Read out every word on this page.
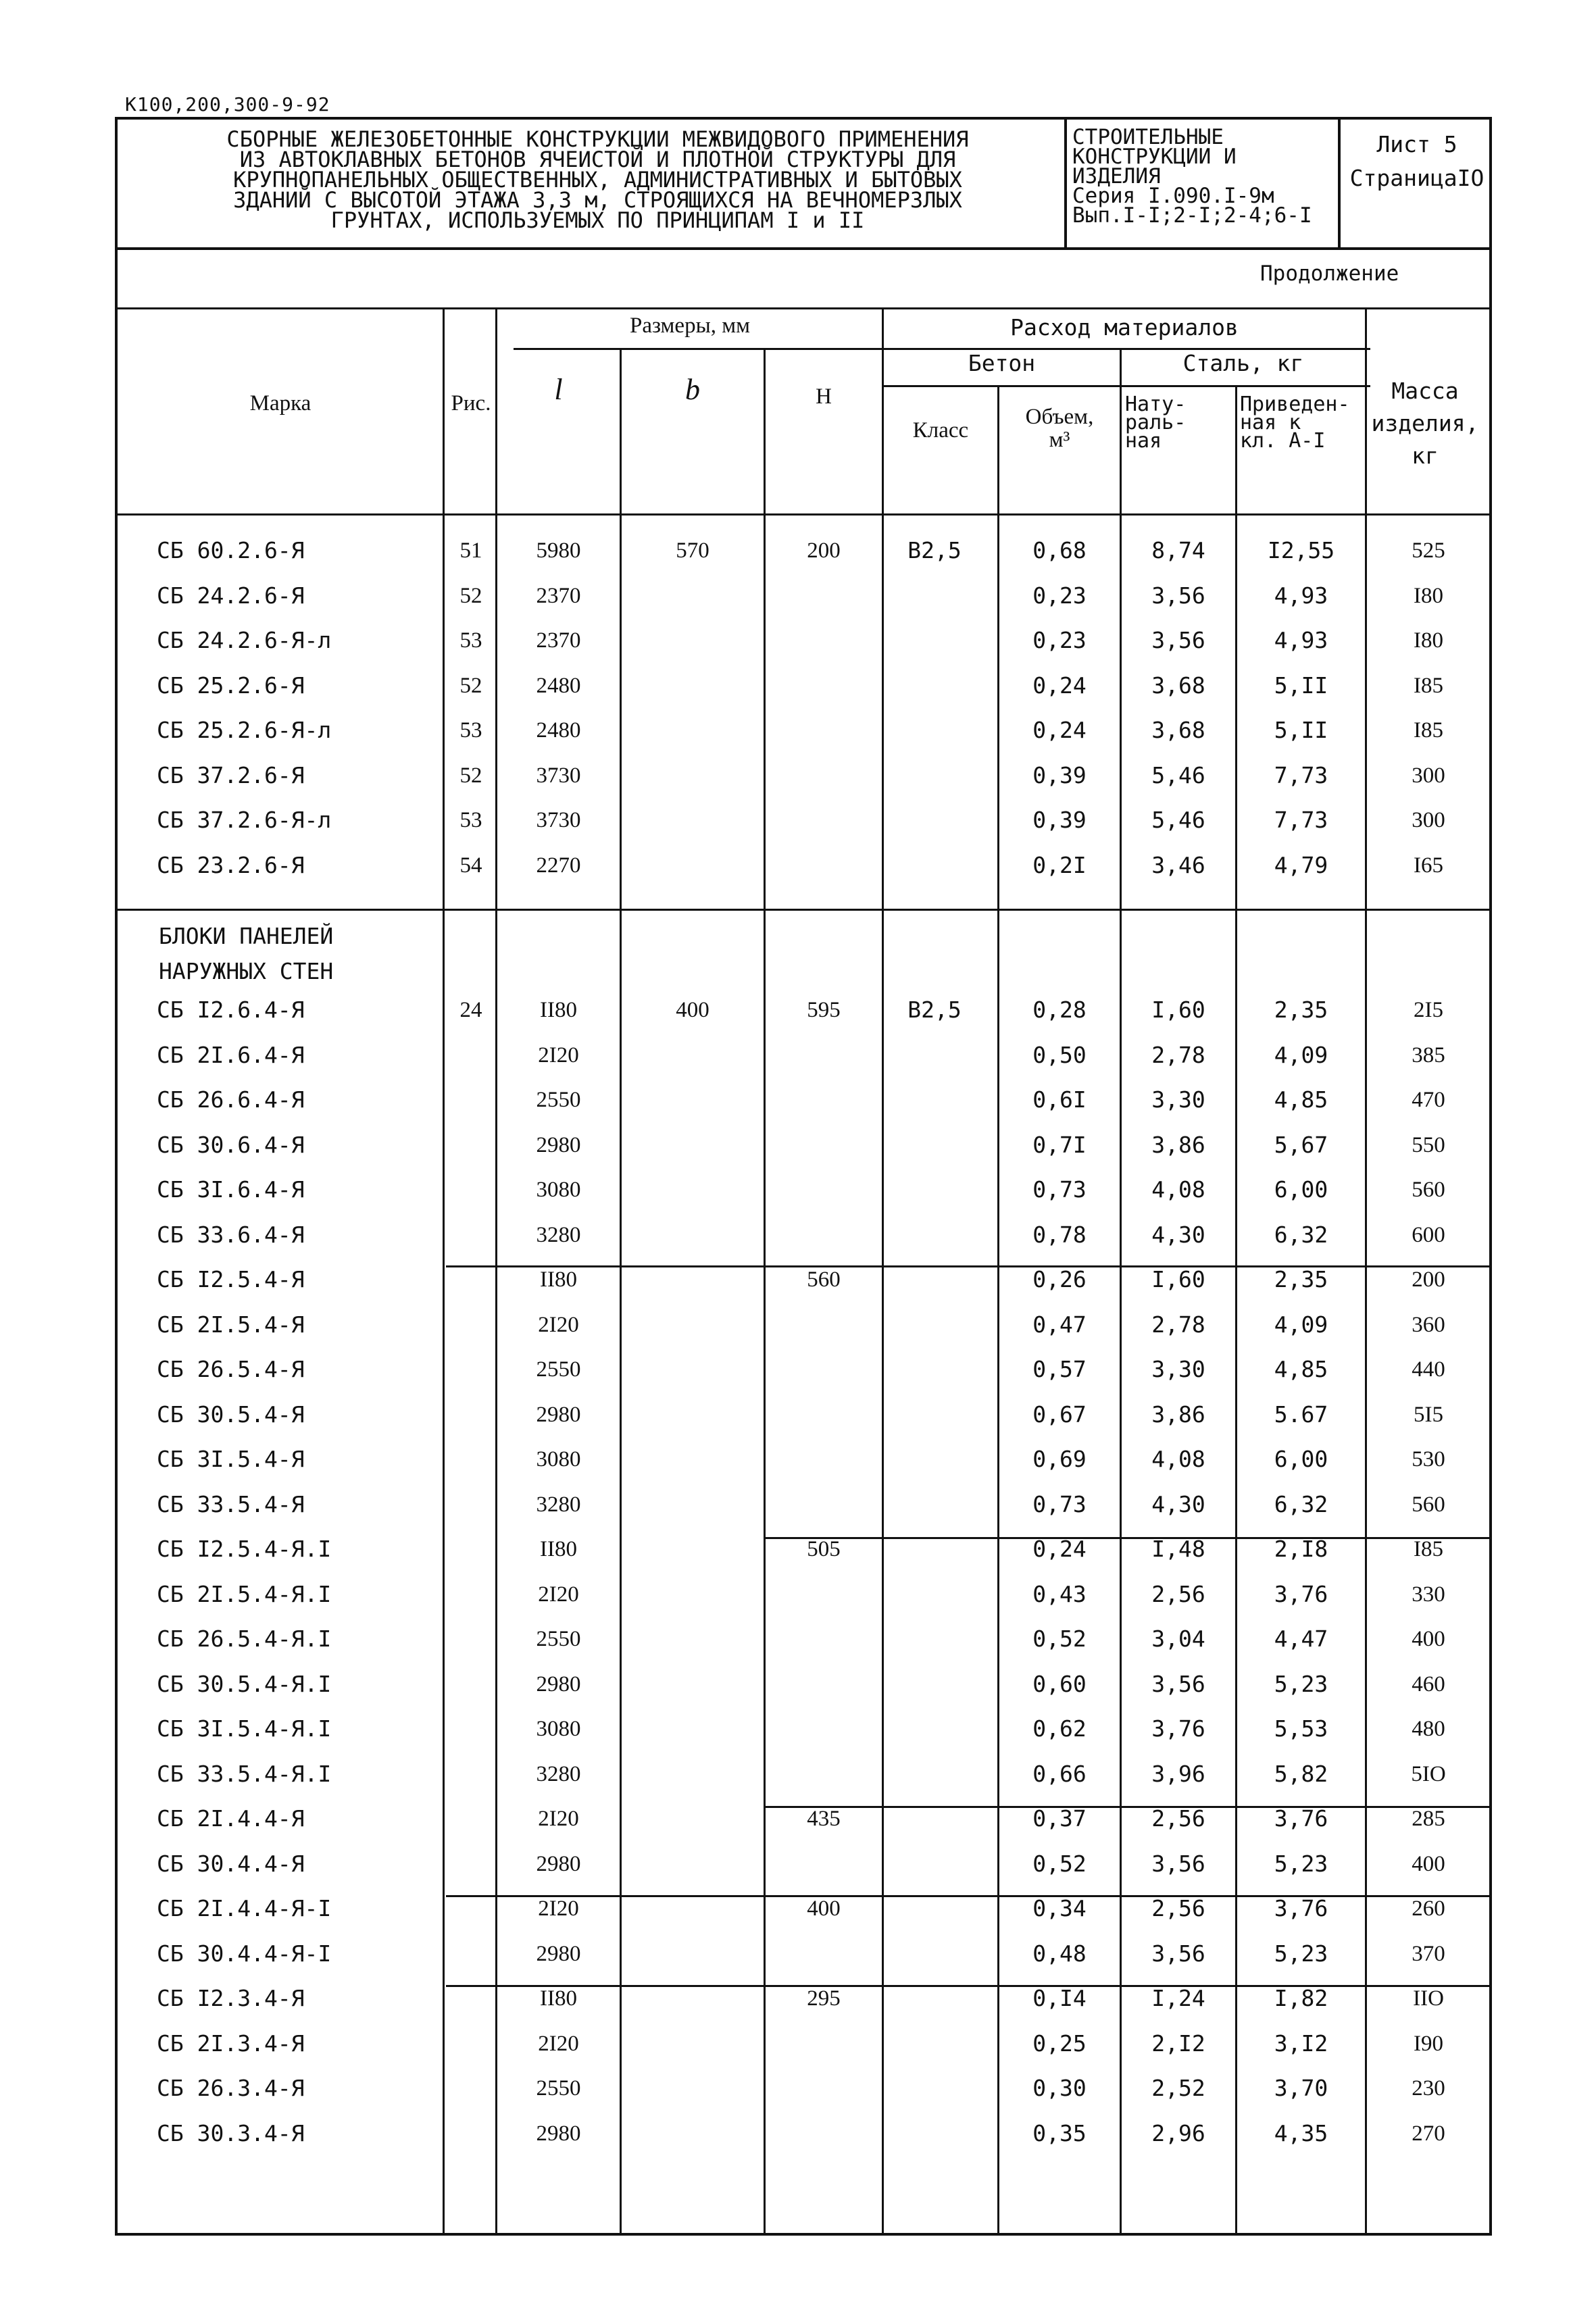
К100,200,300-9-92
СБОРНЫЕ ЖЕЛЕЗОБЕТОННЫЕ КОНСТРУКЦИИ МЕЖВИДОВОГО ПРИМЕНЕНИЯ
ИЗ АВТОКЛАВНЫХ БЕТОНОВ ЯЧЕИСТОЙ И ПЛОТНОЙ СТРУКТУРЫ ДЛЯ
КРУПНОПАНЕЛЬНЫХ ОБЩЕСТВЕННЫХ, АДМИНИСТРАТИВНЫХ И БЫТОВЫХ
ЗДАНИЙ С ВЫСОТОЙ ЭТАЖА 3,3 м, СТРОЯЩИХСЯ НА ВЕЧНОМЕРЗЛЫХ
ГРУНТАХ, ИСПОЛЬЗУЕМЫХ ПО ПРИНЦИПАМ I и II
СТРОИТЕЛЬНЫЕ
КОНСТРУКЦИИ И
ИЗДЕЛИЯ
Серия I.090.I-9м
Вып.I-I;2-I;2-4;6-I
Лист 5
СтраницаIO
Продолжение
Марка	Рис.
Размеры, мм
l	b	Н
Расход материалов
Бетон	Сталь, кг
Класс
Объем,
м³
Нату-
раль-
ная
Приведен-
ная к
кл. А-I
Масса
изделия,
кг
БЛОКИ ПАНЕЛЕЙ
НАРУЖНЫХ СТЕН
СБ 60.2.6-Я	51	5980	570	200	В2,5	0,68	8,74	I2,55	525
СБ 24.2.6-Я	52	2370	0,23	3,56	4,93	I80
СБ 24.2.6-Я-л	53	2370	0,23	3,56	4,93	I80
СБ 25.2.6-Я	52	2480	0,24	3,68	5,II	I85
СБ 25.2.6-Я-л	53	2480	0,24	3,68	5,II	I85
СБ 37.2.6-Я	52	3730	0,39	5,46	7,73	300
СБ 37.2.6-Я-л	53	3730	0,39	5,46	7,73	300
СБ 23.2.6-Я	54	2270	0,2I	3,46	4,79	I65
СБ I2.6.4-Я	24	II80	400	595	В2,5	0,28	I,60	2,35	2I5
СБ 2I.6.4-Я	2I20	0,50	2,78	4,09	385
СБ 26.6.4-Я	2550	0,6I	3,30	4,85	470
СБ 30.6.4-Я	2980	0,7I	3,86	5,67	550
СБ 3I.6.4-Я	3080	0,73	4,08	6,00	560
СБ 33.6.4-Я	3280	0,78	4,30	6,32	600
СБ I2.5.4-Я	II80	560	0,26	I,60	2,35	200
СБ 2I.5.4-Я	2I20	0,47	2,78	4,09	360
СБ 26.5.4-Я	2550	0,57	3,30	4,85	440
СБ 30.5.4-Я	2980	0,67	3,86	5.67	5I5
СБ 3I.5.4-Я	3080	0,69	4,08	6,00	530
СБ 33.5.4-Я	3280	0,73	4,30	6,32	560
СБ I2.5.4-Я.I	II80	505	0,24	I,48	2,I8	I85
СБ 2I.5.4-Я.I	2I20	0,43	2,56	3,76	330
СБ 26.5.4-Я.I	2550	0,52	3,04	4,47	400
СБ 30.5.4-Я.I	2980	0,60	3,56	5,23	460
СБ 3I.5.4-Я.I	3080	0,62	3,76	5,53	480
СБ 33.5.4-Я.I	3280	0,66	3,96	5,82	5IO
СБ 2I.4.4-Я	2I20	435	0,37	2,56	3,76	285
СБ 30.4.4-Я	2980	0,52	3,56	5,23	400
СБ 2I.4.4-Я-I	2I20	400	0,34	2,56	3,76	260
СБ 30.4.4-Я-I	2980	0,48	3,56	5,23	370
СБ I2.3.4-Я	II80	295	0,I4	I,24	I,82	IIO
СБ 2I.3.4-Я	2I20	0,25	2,I2	3,I2	I90
СБ 26.3.4-Я	2550	0,30	2,52	3,70	230
СБ 30.3.4-Я	2980	0,35	2,96	4,35	270
